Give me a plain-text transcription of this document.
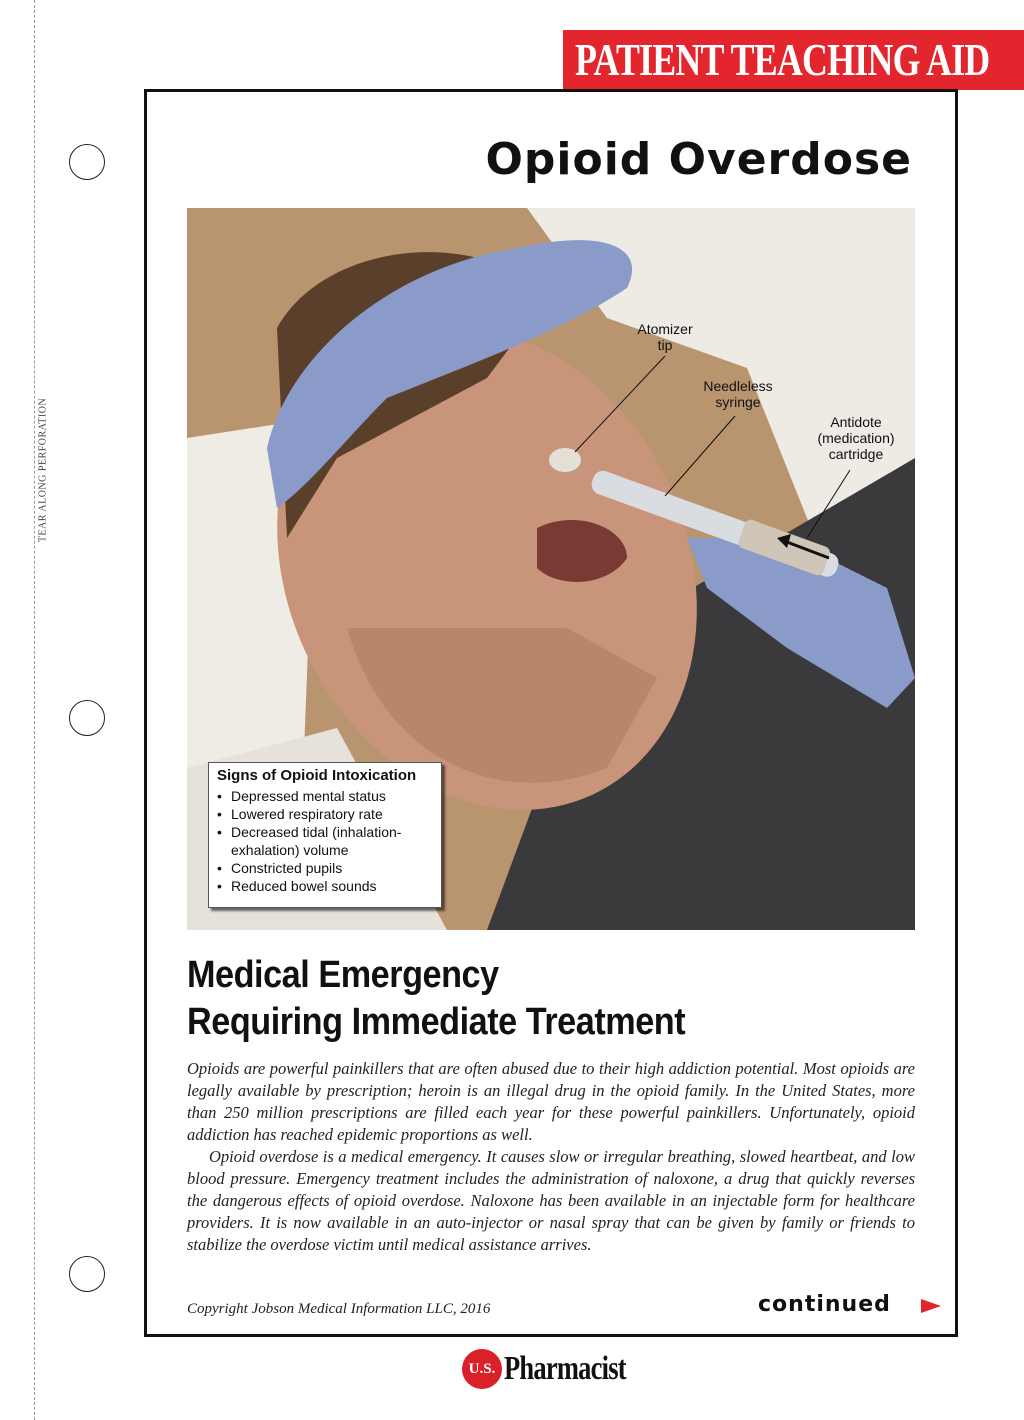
TEAR ALONG PERFORATION
PATIENT TEACHING AID
Opioid Overdose
Atomizer
tip
Needleless
syringe
Antidote
(medication)
cartridge
Signs of Opioid Intoxication
• Depressed mental status
• Lowered respiratory rate
• Decreased tidal (inhalation-exhalation) volume
• Constricted pupils
• Reduced bowel sounds
Medical Emergency
Requiring Immediate Treatment

Opioids are powerful painkillers that are often abused due to their high addiction potential. Most opioids are legally available by prescription; heroin is an illegal drug in the opioid family. In the United States, more than 250 million prescriptions are filled each year for these powerful painkillers. Unfortunately, opioid addiction has reached epidemic proportions as well.

Opioid overdose is a medical emergency. It causes slow or irregular breathing, slowed heartbeat, and low blood pressure. Emergency treatment includes the administration of naloxone, a drug that quickly reverses the dangerous effects of opioid overdose. Naloxone has been available in an injectable form for healthcare providers. It is now available in an auto-injector or nasal spray that can be given by family or friends to stabilize the overdose victim until medical assistance arrives.

Copyright Jobson Medical Information LLC, 2016	continued
U.S. Pharmacist
